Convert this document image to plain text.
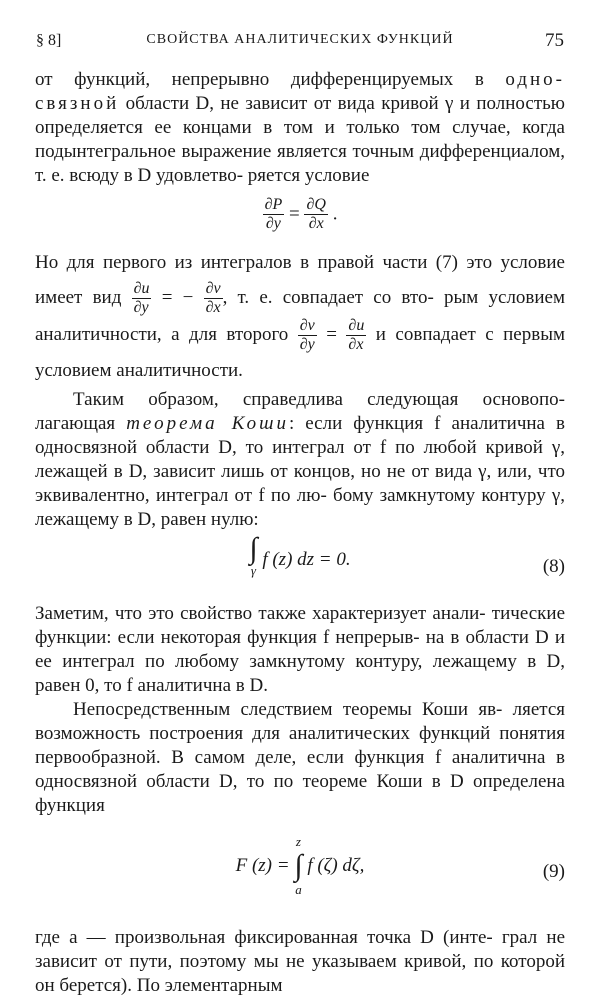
§ 8]	СВОЙСТВА АНАЛИТИЧЕСКИХ ФУНКЦИЙ	75

от функций, непрерывно дифференцируемых в одно- связной области D, не зависит от вида кривой γ и полностью определяется ее концами в том и только том случае, когда подынтегральное выражение является точным дифференциалом, т. е. всюду в D удовлетво- ряется условие

$\frac{\partial P}{\partial y} = \frac{\partial Q}{\partial x}$ .

Но для первого из интегралов в правой части (7) это условие имеет вид $\frac{\partial u}{\partial y}$ = − $\frac{\partial v}{\partial x}$ , т. е. совпадает со вто- рым условием аналитичности, а для второго $\frac{\partial v}{\partial y} = \frac{\partial u}{\partial x}$ и совпадает с первым условием аналитичности.

Таким образом, справедлива следующая основопо- лагающая теорема Коши: если функция f аналитична в односвязной области D, то интеграл от f по любой кривой γ, лежащей в D, зависит лишь от концов, но не от вида γ, или, что эквивалентно, интеграл от f по лю- бому замкнутому контуру γ, лежащему в D, равен нулю:

∫
γ
f (z) dz = 0.	(8)

Заметим, что это свойство также характеризует анали- тические функции: если некоторая функция f непрерыв- на в области D и ее интеграл по любому замкнутому контуру, лежащему в D, равен 0, то f аналитична в D.

Непосредственным следствием теоремы Коши яв- ляется возможность построения для аналитических функций понятия первообразной. В самом деле, если функция f аналитична в односвязной области D, то по теореме Коши в D определена функция

F (z) =
z
∫
a
f (ζ) dζ,	(9)

где a — произвольная фиксированная точка D (инте- грал не зависит от пути, поэтому мы не указываем кривой, по которой он берется). По элементарным
